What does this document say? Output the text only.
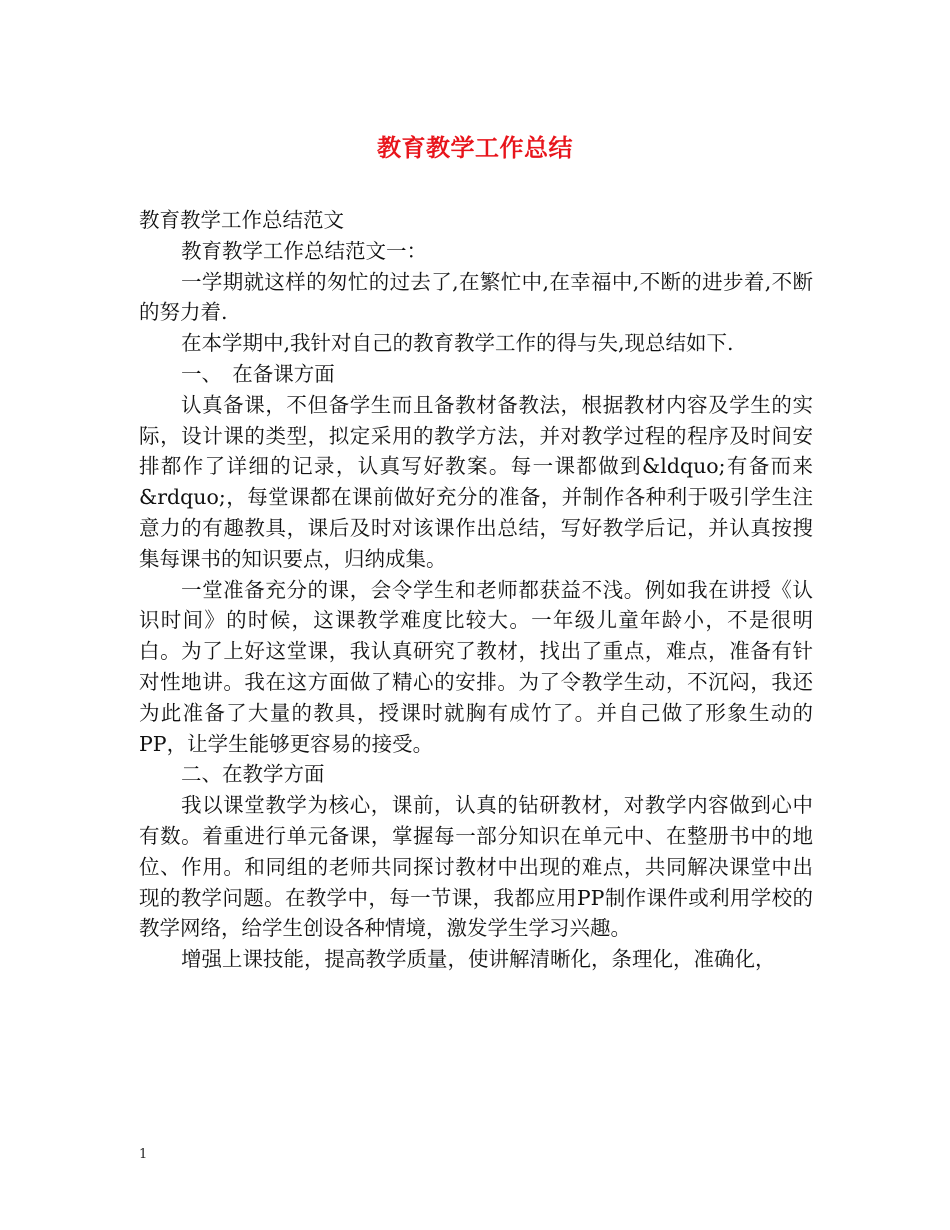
教育教学工作总结

教育教学工作总结范文

教育教学工作总结范文一：

一学期就这样的匆忙的过去了,在繁忙中,在幸福中,不断的进步着,不断的努力着.

在本学期中,我针对自己的教育教学工作的得与失,现总结如下.

一、　在备课方面

认真备课，不但备学生而且备教材备教法，根据教材内容及学生的实际，设计课的类型，拟定采用的教学方法，并对教学过程的程序及时间安排都作了详细的记录，认真写好教案。每一课都做到&ldquo;有备而来&rdquo;，每堂课都在课前做好充分的准备，并制作各种利于吸引学生注意力的有趣教具，课后及时对该课作出总结，写好教学后记，并认真按搜集每课书的知识要点，归纳成集。

一堂准备充分的课，会令学生和老师都获益不浅。例如我在讲授《认识时间》的时候，这课教学难度比较大。一年级儿童年龄小，不是很明白。为了上好这堂课，我认真研究了教材，找出了重点，难点，准备有针对性地讲。我在这方面做了精心的安排。为了令教学生动，不沉闷，我还为此准备了大量的教具，授课时就胸有成竹了。并自己做了形象生动的PP，让学生能够更容易的接受。

二、在教学方面

我以课堂教学为核心，课前，认真的钻研教材，对教学内容做到心中有数。着重进行单元备课，掌握每一部分知识在单元中、在整册书中的地位、作用。和同组的老师共同探讨教材中出现的难点，共同解决课堂中出现的教学问题。在教学中，每一节课，我都应用PP制作课件或利用学校的教学网络，给学生创设各种情境，激发学生学习兴趣。

增强上课技能，提高教学质量，使讲解清晰化，条理化，准确化，

1
